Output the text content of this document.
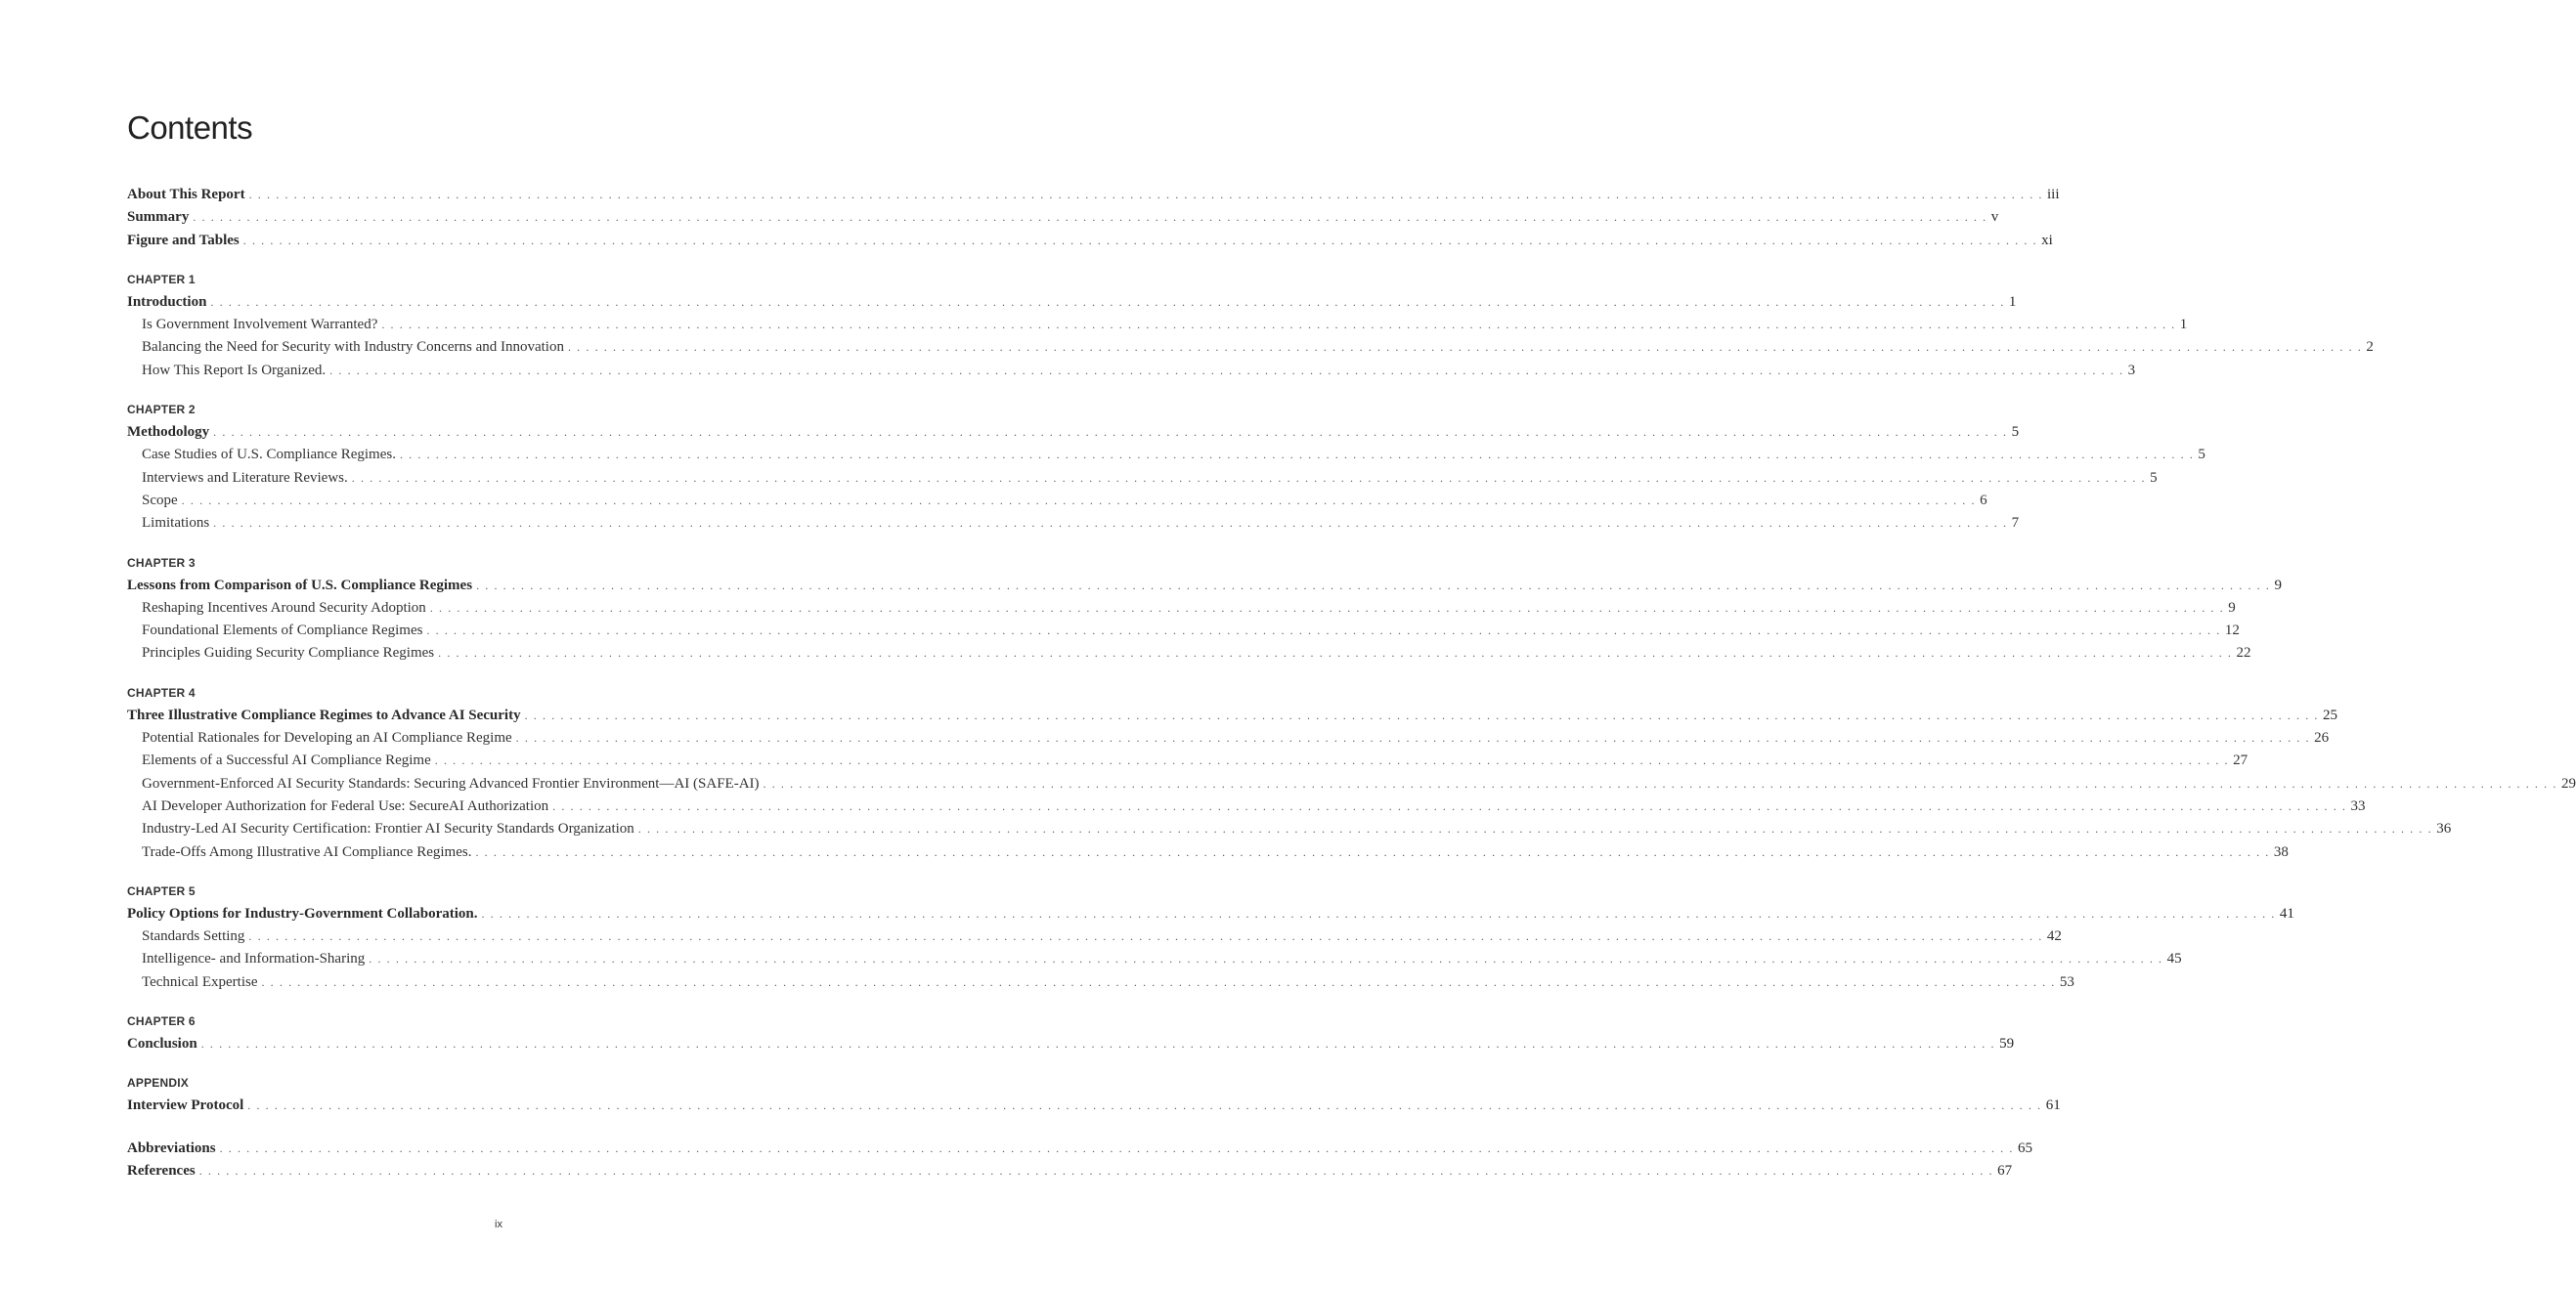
Contents
About This Report . . . . . . . . . . . . . . . . . . . . . . . . . . . . . . . . . . . . . . . . . . . . . . . . . . . . . . . . . . . . . . . . . . . . . . . . . . . . . . . . . . . . . . . . . . . . . . . . . . . . . . . . . . . . . . . . . . . . . . . . . . . . . . . . . . . . . . . . . . . . . . . . . . . . . . . . . . . . . . . . . . . . . . . . . . . . . . . . . . . . . . . . . . . . . . . . . . . . . . . . iii
Summary . . . . . . . . . . . . . . . . . . . . . . . . . . . . . . . . . . . . . . . . . . . . . . . . . . . . . . . . . . . . . . . . . . . . . . . . . . . . . . . . . . . . . . . . . . . . . . . . . . . . . . . . . . . . . . . . . . . . . . . . . . . . . . . . . . . . . . . . . . . . . . . . . . . . . . . . . . . . . . . . . . . . . . . . . . . . . . . . . . . . . . . . . . . . . . . . . . . . . . . . v
Figure and Tables . . . . . . . . . . . . . . . . . . . . . . . . . . . . . . . . . . . . . . . . . . . . . . . . . . . . . . . . . . . . . . . . . . . . . . . . . . . . . . . . . . . . . . . . . . . . . . . . . . . . . . . . . . . . . . . . . . . . . . . . . . . . . . . . . . . . . . . . . . . . . . . . . . . . . . . . . . . . . . . . . . . . . . . . . . . . . . . . . . . . . . . . . . . . . . . . . . . . . . . . xi
CHAPTER 1
Introduction . . . . . . . . . . . . . . . . . . . . . . . . . . . . . . . . . . . . . . . . . . . . . . . . . . . . . . . . . . . . . . . . . . . . . . . . . . . . . . . . . . . . . . . . . . . . . . . . . . . . . . . . . . . . . . . . . . . . . . . . . . . . . . . . . . . . . . . . . . . . . . . . . . . . . . . . . . . . . . . . . . . . . . . . . . . . . . . . . . . . . . . . . . . . . . . . . . . . . . . . 1
Is Government Involvement Warranted? . . . . . . . . . . . . . . . . . . . . . . . . . . . . . . . . . . . . . . . . . . . . . . . . . . . . . . . . . . . . . . . . . . . . . . . . . . . . . . . . . . . . . . . . . . . . . . . . . . . . . . . . . . . . . . . . . . . . . . . . . . . . . . . . . . . . . . . . . . . . . . . . . . . . . . . . . . . . . . . . . . . . . . . . . . . . . . . . . . . . . . . . . . . . . . . . . . . . . . . . 1
Balancing the Need for Security with Industry Concerns and Innovation . . . . . . . . . . . . . . . . . . . . . . . . . . . . . . . . . . . . . . . . . . . . . . . . . . . . . . . . . . . . . . . . . . . . . . . . . . . . . . . . . . . . . . . . . . . . . . . . . . . . . . . . . . . . . . . . . . . . . . . . . . . . . . . . . . . . . . . . . . . . . . . . . . . . . . . . . . . . . . . . . . . . . . . . . . . . . . . . . . . . . . . . . . . . . . . . . . . . . . . . 2
How This Report Is Organized. . . . . . . . . . . . . . . . . . . . . . . . . . . . . . . . . . . . . . . . . . . . . . . . . . . . . . . . . . . . . . . . . . . . . . . . . . . . . . . . . . . . . . . . . . . . . . . . . . . . . . . . . . . . . . . . . . . . . . . . . . . . . . . . . . . . . . . . . . . . . . . . . . . . . . . . . . . . . . . . . . . . . . . . . . . . . . . . . . . . . . . . . . . . . . . . . . . . . . . . . 3
CHAPTER 2
Methodology . . . . . . . . . . . . . . . . . . . . . . . . . . . . . . . . . . . . . . . . . . . . . . . . . . . . . . . . . . . . . . . . . . . . . . . . . . . . . . . . . . . . . . . . . . . . . . . . . . . . . . . . . . . . . . . . . . . . . . . . . . . . . . . . . . . . . . . . . . . . . . . . . . . . . . . . . . . . . . . . . . . . . . . . . . . . . . . . . . . . . . . . . . . . . . . . . . . . . . . . 5
Case Studies of U.S. Compliance Regimes. . . . . . . . . . . . . . . . . . . . . . . . . . . . . . . . . . . . . . . . . . . . . . . . . . . . . . . . . . . . . . . . . . . . . . . . . . . . . . . . . . . . . . . . . . . . . . . . . . . . . . . . . . . . . . . . . . . . . . . . . . . . . . . . . . . . . . . . . . . . . . . . . . . . . . . . . . . . . . . . . . . . . . . . . . . . . . . . . . . . . . . . . . . . . . . . . . . . . . . . . 5
Interviews and Literature Reviews. . . . . . . . . . . . . . . . . . . . . . . . . . . . . . . . . . . . . . . . . . . . . . . . . . . . . . . . . . . . . . . . . . . . . . . . . . . . . . . . . . . . . . . . . . . . . . . . . . . . . . . . . . . . . . . . . . . . . . . . . . . . . . . . . . . . . . . . . . . . . . . . . . . . . . . . . . . . . . . . . . . . . . . . . . . . . . . . . . . . . . . . . . . . . . . . . . . . . . . . . 5
Scope . . . . . . . . . . . . . . . . . . . . . . . . . . . . . . . . . . . . . . . . . . . . . . . . . . . . . . . . . . . . . . . . . . . . . . . . . . . . . . . . . . . . . . . . . . . . . . . . . . . . . . . . . . . . . . . . . . . . . . . . . . . . . . . . . . . . . . . . . . . . . . . . . . . . . . . . . . . . . . . . . . . . . . . . . . . . . . . . . . . . . . . . . . . . . . . . . . . . . . . . 6
Limitations . . . . . . . . . . . . . . . . . . . . . . . . . . . . . . . . . . . . . . . . . . . . . . . . . . . . . . . . . . . . . . . . . . . . . . . . . . . . . . . . . . . . . . . . . . . . . . . . . . . . . . . . . . . . . . . . . . . . . . . . . . . . . . . . . . . . . . . . . . . . . . . . . . . . . . . . . . . . . . . . . . . . . . . . . . . . . . . . . . . . . . . . . . . . . . . . . . . . . . . . 7
CHAPTER 3
Lessons from Comparison of U.S. Compliance Regimes . . . . . . . . . . . . . . . . . . . . . . . . . . . . . . . . . . . . . . . . . . . . . . . . . . . . . . . . . . . . . . . . . . . . . . . . . . . . . . . . . . . . . . . . . . . . . . . . . . . . . . . . . . . . . . . . . . . . . . . . . . . . . . . . . . . . . . . . . . . . . . . . . . . . . . . . . . . . . . . . . . . . . . . . . . . . . . . . . . . . . . . . . . . . . . . . . . . . . . . . 9
Reshaping Incentives Around Security Adoption . . . . . . . . . . . . . . . . . . . . . . . . . . . . . . . . . . . . . . . . . . . . . . . . . . . . . . . . . . . . . . . . . . . . . . . . . . . . . . . . . . . . . . . . . . . . . . . . . . . . . . . . . . . . . . . . . . . . . . . . . . . . . . . . . . . . . . . . . . . . . . . . . . . . . . . . . . . . . . . . . . . . . . . . . . . . . . . . . . . . . . . . . . . . . . . . . . . . . . . . 9
Foundational Elements of Compliance Regimes . . . . . . . . . . . . . . . . . . . . . . . . . . . . . . . . . . . . . . . . . . . . . . . . . . . . . . . . . . . . . . . . . . . . . . . . . . . . . . . . . . . . . . . . . . . . . . . . . . . . . . . . . . . . . . . . . . . . . . . . . . . . . . . . . . . . . . . . . . . . . . . . . . . . . . . . . . . . . . . . . . . . . . . . . . . . . . . . . . . . . . . . . . . . . . . . . . . . . . . . 12
Principles Guiding Security Compliance Regimes . . . . . . . . . . . . . . . . . . . . . . . . . . . . . . . . . . . . . . . . . . . . . . . . . . . . . . . . . . . . . . . . . . . . . . . . . . . . . . . . . . . . . . . . . . . . . . . . . . . . . . . . . . . . . . . . . . . . . . . . . . . . . . . . . . . . . . . . . . . . . . . . . . . . . . . . . . . . . . . . . . . . . . . . . . . . . . . . . . . . . . . . . . . . . . . . . . . . . . . . 22
CHAPTER 4
Three Illustrative Compliance Regimes to Advance AI Security . . . . . . . . . . . . . . . . . . . . . . . . . . . . . . . . . . . . . . . . . . . . . . . . . . . . . . . . . . . . . . . . . . . . . . . . . . . . . . . . . . . . . . . . . . . . . . . . . . . . . . . . . . . . . . . . . . . . . . . . . . . . . . . . . . . . . . . . . . . . . . . . . . . . . . . . . . . . . . . . . . . . . . . . . . . . . . . . . . . . . . . . . . . . . . . . . . . . . . . . 25
Potential Rationales for Developing an AI Compliance Regime . . . . . . . . . . . . . . . . . . . . . . . . . . . . . . . . . . . . . . . . . . . . . . . . . . . . . . . . . . . . . . . . . . . . . . . . . . . . . . . . . . . . . . . . . . . . . . . . . . . . . . . . . . . . . . . . . . . . . . . . . . . . . . . . . . . . . . . . . . . . . . . . . . . . . . . . . . . . . . . . . . . . . . . . . . . . . . . . . . . . . . . . . . . . . . . . . . . . . . . . 26
Elements of a Successful AI Compliance Regime . . . . . . . . . . . . . . . . . . . . . . . . . . . . . . . . . . . . . . . . . . . . . . . . . . . . . . . . . . . . . . . . . . . . . . . . . . . . . . . . . . . . . . . . . . . . . . . . . . . . . . . . . . . . . . . . . . . . . . . . . . . . . . . . . . . . . . . . . . . . . . . . . . . . . . . . . . . . . . . . . . . . . . . . . . . . . . . . . . . . . . . . . . . . . . . . . . . . . . . . 27
Government-Enforced AI Security Standards: Securing Advanced Frontier Environment—AI (SAFE-AI) . . . . . . . . . . . . . . . . . . . . . . . . . . . . . . . . . . . . . . . . . . . . . . . . . . . . . . . . . . . . . . . . . . . . . . . . . . . . . . . . . . . . . . . . . . . . . . . . . . . . . . . . . . . . . . . . . . . . . . . . . . . . . . . . . . . . . . . . . . . . . . . . . . . . . . . . . . . . . . . . . . . . . . . . . . . . . . . . . . . . . . . . . . . . . . . . . . . . . . . . 29
AI Developer Authorization for Federal Use: SecureAI Authorization . . . . . . . . . . . . . . . . . . . . . . . . . . . . . . . . . . . . . . . . . . . . . . . . . . . . . . . . . . . . . . . . . . . . . . . . . . . . . . . . . . . . . . . . . . . . . . . . . . . . . . . . . . . . . . . . . . . . . . . . . . . . . . . . . . . . . . . . . . . . . . . . . . . . . . . . . . . . . . . . . . . . . . . . . . . . . . . . . . . . . . . . . . . . . . . . . . . . . . . . 33
Industry-Led AI Security Certification: Frontier AI Security Standards Organization . . . . . . . . . . . . . . . . . . . . . . . . . . . . . . . . . . . . . . . . . . . . . . . . . . . . . . . . . . . . . . . . . . . . . . . . . . . . . . . . . . . . . . . . . . . . . . . . . . . . . . . . . . . . . . . . . . . . . . . . . . . . . . . . . . . . . . . . . . . . . . . . . . . . . . . . . . . . . . . . . . . . . . . . . . . . . . . . . . . . . . . . . . . . . . . . . . . . . . . . 36
Trade-Offs Among Illustrative AI Compliance Regimes. . . . . . . . . . . . . . . . . . . . . . . . . . . . . . . . . . . . . . . . . . . . . . . . . . . . . . . . . . . . . . . . . . . . . . . . . . . . . . . . . . . . . . . . . . . . . . . . . . . . . . . . . . . . . . . . . . . . . . . . . . . . . . . . . . . . . . . . . . . . . . . . . . . . . . . . . . . . . . . . . . . . . . . . . . . . . . . . . . . . . . . . . . . . . . . . . . . . . . . . . 38
CHAPTER 5
Policy Options for Industry-Government Collaboration. . . . . . . . . . . . . . . . . . . . . . . . . . . . . . . . . . . . . . . . . . . . . . . . . . . . . . . . . . . . . . . . . . . . . . . . . . . . . . . . . . . . . . . . . . . . . . . . . . . . . . . . . . . . . . . . . . . . . . . . . . . . . . . . . . . . . . . . . . . . . . . . . . . . . . . . . . . . . . . . . . . . . . . . . . . . . . . . . . . . . . . . . . . . . . . . . . . . . . . . . 41
Standards Setting . . . . . . . . . . . . . . . . . . . . . . . . . . . . . . . . . . . . . . . . . . . . . . . . . . . . . . . . . . . . . . . . . . . . . . . . . . . . . . . . . . . . . . . . . . . . . . . . . . . . . . . . . . . . . . . . . . . . . . . . . . . . . . . . . . . . . . . . . . . . . . . . . . . . . . . . . . . . . . . . . . . . . . . . . . . . . . . . . . . . . . . . . . . . . . . . . . . . . . . . 42
Intelligence- and Information-Sharing . . . . . . . . . . . . . . . . . . . . . . . . . . . . . . . . . . . . . . . . . . . . . . . . . . . . . . . . . . . . . . . . . . . . . . . . . . . . . . . . . . . . . . . . . . . . . . . . . . . . . . . . . . . . . . . . . . . . . . . . . . . . . . . . . . . . . . . . . . . . . . . . . . . . . . . . . . . . . . . . . . . . . . . . . . . . . . . . . . . . . . . . . . . . . . . . . . . . . . . . 45
Technical Expertise . . . . . . . . . . . . . . . . . . . . . . . . . . . . . . . . . . . . . . . . . . . . . . . . . . . . . . . . . . . . . . . . . . . . . . . . . . . . . . . . . . . . . . . . . . . . . . . . . . . . . . . . . . . . . . . . . . . . . . . . . . . . . . . . . . . . . . . . . . . . . . . . . . . . . . . . . . . . . . . . . . . . . . . . . . . . . . . . . . . . . . . . . . . . . . . . . . . . . . . . 53
CHAPTER 6
Conclusion . . . . . . . . . . . . . . . . . . . . . . . . . . . . . . . . . . . . . . . . . . . . . . . . . . . . . . . . . . . . . . . . . . . . . . . . . . . . . . . . . . . . . . . . . . . . . . . . . . . . . . . . . . . . . . . . . . . . . . . . . . . . . . . . . . . . . . . . . . . . . . . . . . . . . . . . . . . . . . . . . . . . . . . . . . . . . . . . . . . . . . . . . . . . . . . . . . . . . . . . 59
APPENDIX
Interview Protocol . . . . . . . . . . . . . . . . . . . . . . . . . . . . . . . . . . . . . . . . . . . . . . . . . . . . . . . . . . . . . . . . . . . . . . . . . . . . . . . . . . . . . . . . . . . . . . . . . . . . . . . . . . . . . . . . . . . . . . . . . . . . . . . . . . . . . . . . . . . . . . . . . . . . . . . . . . . . . . . . . . . . . . . . . . . . . . . . . . . . . . . . . . . . . . . . . . . . . . . . 61
Abbreviations . . . . . . . . . . . . . . . . . . . . . . . . . . . . . . . . . . . . . . . . . . . . . . . . . . . . . . . . . . . . . . . . . . . . . . . . . . . . . . . . . . . . . . . . . . . . . . . . . . . . . . . . . . . . . . . . . . . . . . . . . . . . . . . . . . . . . . . . . . . . . . . . . . . . . . . . . . . . . . . . . . . . . . . . . . . . . . . . . . . . . . . . . . . . . . . . . . . . . . . . 65
References . . . . . . . . . . . . . . . . . . . . . . . . . . . . . . . . . . . . . . . . . . . . . . . . . . . . . . . . . . . . . . . . . . . . . . . . . . . . . . . . . . . . . . . . . . . . . . . . . . . . . . . . . . . . . . . . . . . . . . . . . . . . . . . . . . . . . . . . . . . . . . . . . . . . . . . . . . . . . . . . . . . . . . . . . . . . . . . . . . . . . . . . . . . . . . . . . . . . . . . . 67
ix
